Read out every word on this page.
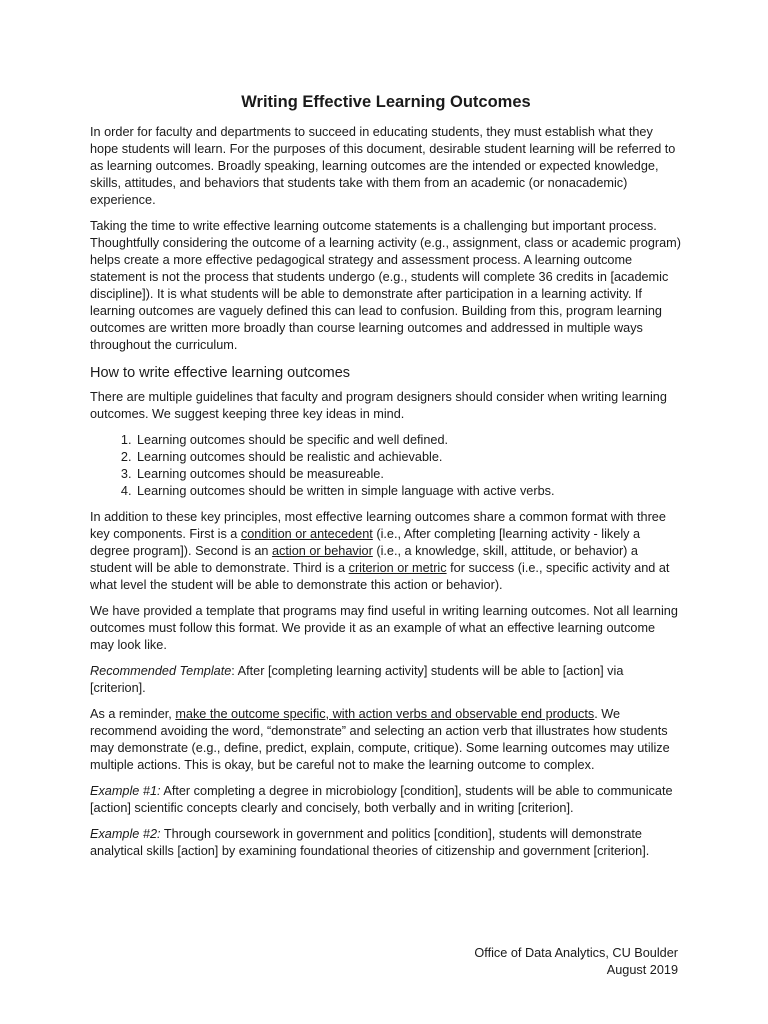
Writing Effective Learning Outcomes

In order for faculty and departments to succeed in educating students, they must establish what they hope students will learn. For the purposes of this document, desirable student learning will be referred to as learning outcomes. Broadly speaking, learning outcomes are the intended or expected knowledge, skills, attitudes, and behaviors that students take with them from an academic (or nonacademic) experience.

Taking the time to write effective learning outcome statements is a challenging but important process. Thoughtfully considering the outcome of a learning activity (e.g., assignment, class or academic program) helps create a more effective pedagogical strategy and assessment process. A learning outcome statement is not the process that students undergo (e.g., students will complete 36 credits in [academic discipline]). It is what students will be able to demonstrate after participation in a learning activity. If learning outcomes are vaguely defined this can lead to confusion. Building from this, program learning outcomes are written more broadly than course learning outcomes and addressed in multiple ways throughout the curriculum.

How to write effective learning outcomes

There are multiple guidelines that faculty and program designers should consider when writing learning outcomes. We suggest keeping three key ideas in mind.

1. Learning outcomes should be specific and well defined.
2. Learning outcomes should be realistic and achievable.
3. Learning outcomes should be measureable.
4. Learning outcomes should be written in simple language with active verbs.

In addition to these key principles, most effective learning outcomes share a common format with three key components. First is a condition or antecedent (i.e., After completing [learning activity - likely a degree program]). Second is an action or behavior (i.e., a knowledge, skill, attitude, or behavior) a student will be able to demonstrate. Third is a criterion or metric for success (i.e., specific activity and at what level the student will be able to demonstrate this action or behavior).

We have provided a template that programs may find useful in writing learning outcomes. Not all learning outcomes must follow this format. We provide it as an example of what an effective learning outcome may look like.

Recommended Template: After [completing learning activity] students will be able to [action] via [criterion].

As a reminder, make the outcome specific, with action verbs and observable end products. We recommend avoiding the word, “demonstrate” and selecting an action verb that illustrates how students may demonstrate (e.g., define, predict, explain, compute, critique). Some learning outcomes may utilize multiple actions. This is okay, but be careful not to make the learning outcome to complex.

Example #1: After completing a degree in microbiology [condition], students will be able to communicate [action] scientific concepts clearly and concisely, both verbally and in writing [criterion].

Example #2: Through coursework in government and politics [condition], students will demonstrate analytical skills [action] by examining foundational theories of citizenship and government [criterion].

Office of Data Analytics, CU Boulder
August 2019
